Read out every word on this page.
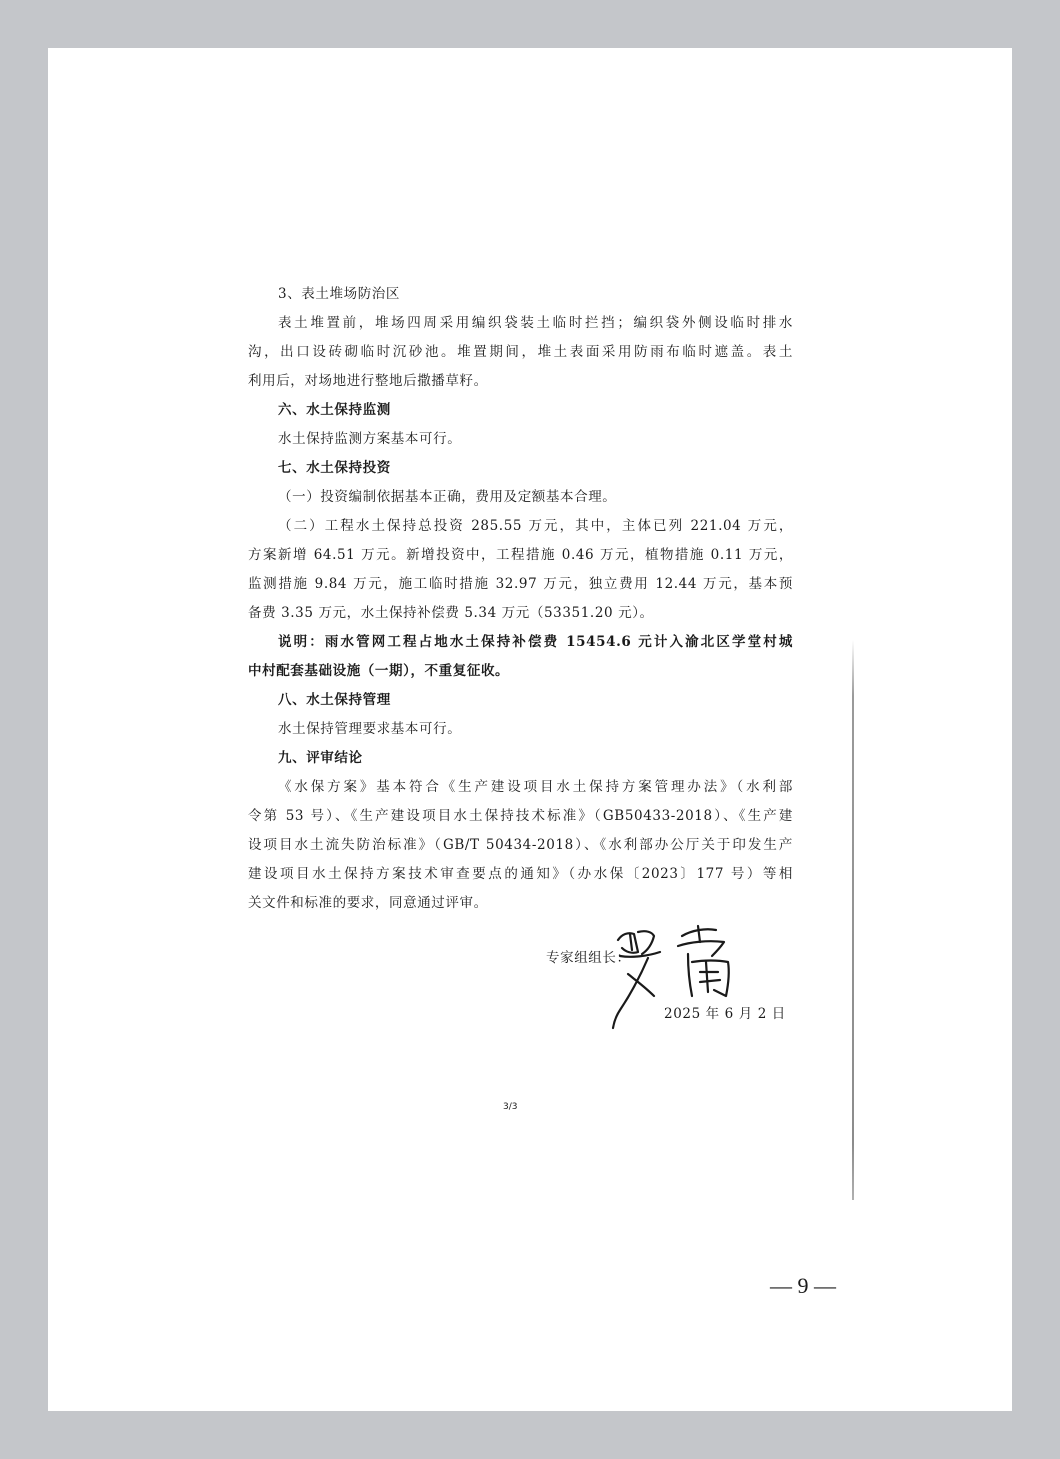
3、表土堆场防治区
表土堆置前，堆场四周采用编织袋装土临时拦挡；编织袋外侧设临时排水
沟，出口设砖砌临时沉砂池。堆置期间，堆土表面采用防雨布临时遮盖。表土
利用后，对场地进行整地后撒播草籽。
六、水土保持监测
水土保持监测方案基本可行。
七、水土保持投资
（一）投资编制依据基本正确，费用及定额基本合理。
（二）工程水土保持总投资 285.55 万元，其中，主体已列 221.04 万元，
方案新增 64.51 万元。新增投资中，工程措施 0.46 万元，植物措施 0.11 万元，
监测措施 9.84 万元，施工临时措施 32.97 万元，独立费用 12.44 万元，基本预
备费 3.35 万元，水土保持补偿费 5.34 万元（53351.20 元）。
说明：雨水管网工程占地水土保持补偿费 15454.6 元计入渝北区学堂村城
中村配套基础设施（一期），不重复征收。
八、水土保持管理
水土保持管理要求基本可行。
九、评审结论
《水保方案》基本符合《生产建设项目水土保持方案管理办法》（水利部
令第 53 号）、《生产建设项目水土保持技术标准》（GB50433-2018）、《生产建
设项目水土流失防治标准》（GB/T 50434-2018）、《水利部办公厅关于印发生产
建设项目水土保持方案技术审查要点的通知》（办水保〔2023〕177 号）等相
关文件和标准的要求，同意通过评审。
专家组组长：
2025 年 6 月 2 日
3/3
— 9 —
